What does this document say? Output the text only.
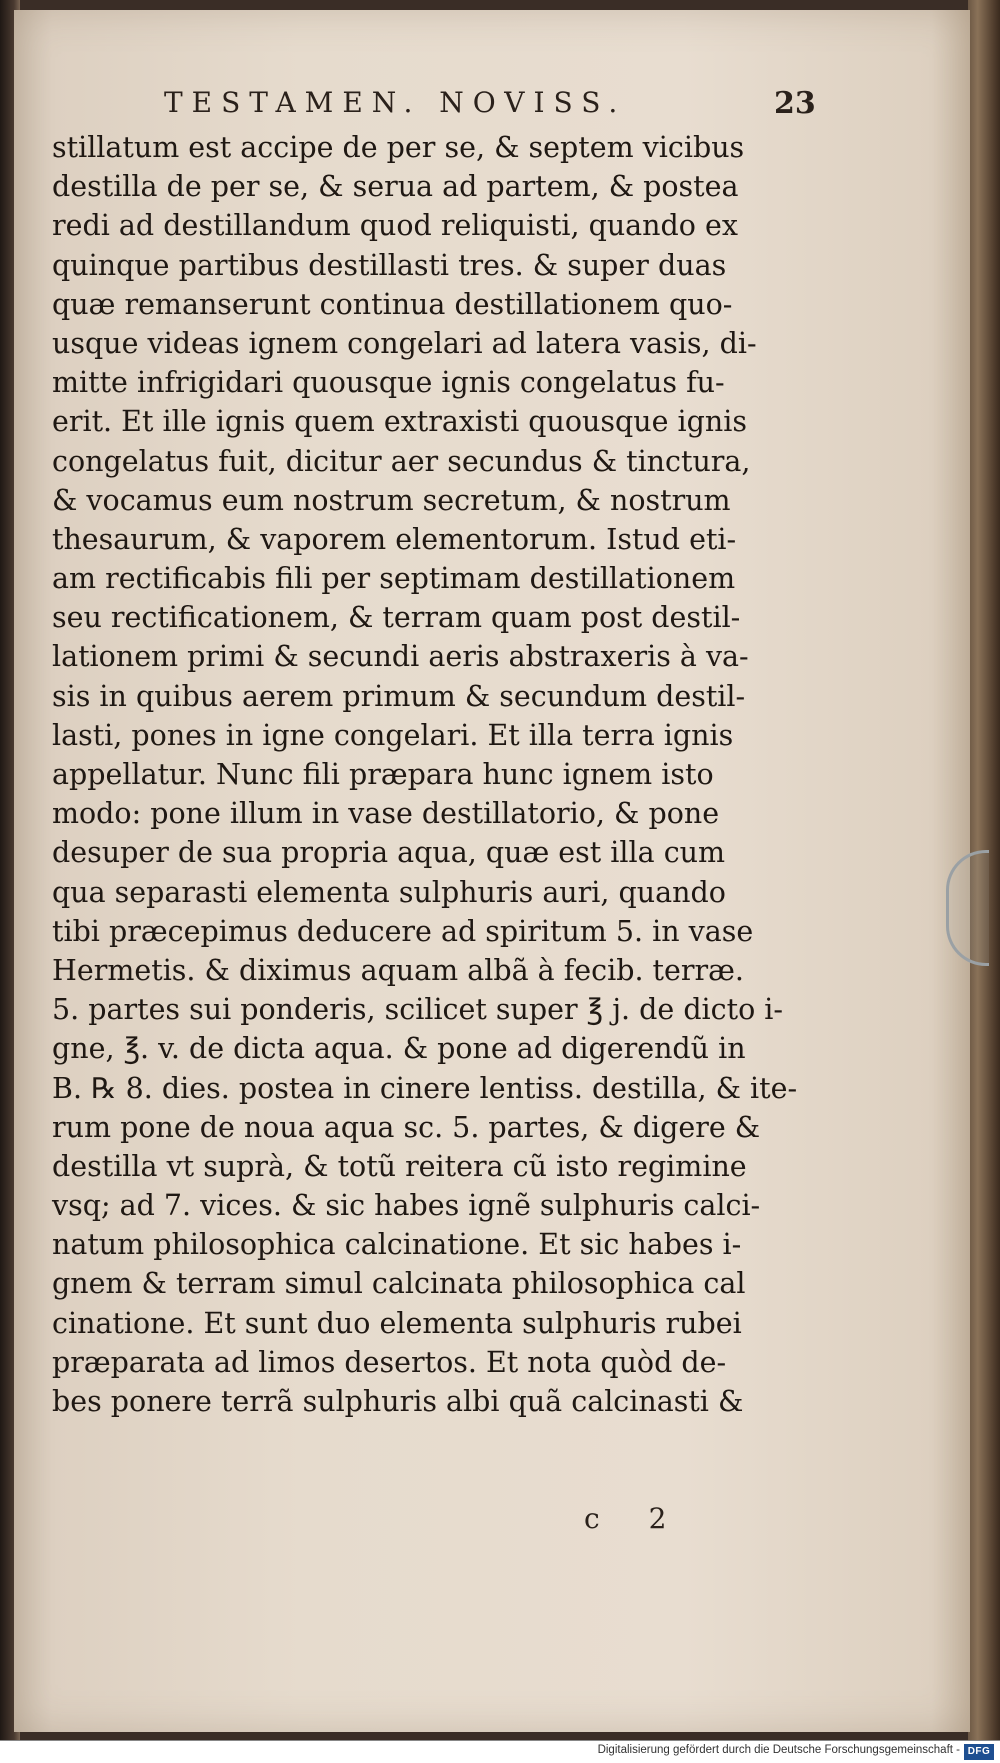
TESTAMEN. NOVISS.	23
stillatum est accipe de per se, & septem vicibus
destilla de per se, & serua ad partem, & postea
redi ad destillandum quod reliquisti, quando ex
quinque partibus destillasti tres. & super duas
quæ remanserunt continua destillationem quo-
usque videas ignem congelari ad latera vasis, di-
mitte infrigidari quousque ignis congelatus fu-
erit. Et ille ignis quem extraxisti quousque ignis
congelatus fuit, dicitur aer secundus & tinctura,
& vocamus eum nostrum secretum, & nostrum
thesaurum, & vaporem elementorum. Istud eti-
am rectificabis fili per septimam destillationem
seu rectificationem, & terram quam post destil-
lationem primi & secundi aeris abstraxeris à va-
sis in quibus aerem primum & secundum destil-
lasti, pones in igne congelari. Et illa terra ignis
appellatur. Nunc fili præpara hunc ignem isto
modo: pone illum in vase destillatorio, & pone
desuper de sua propria aqua, quæ est illa cum
qua separasti elementa sulphuris auri, quando
tibi præcepimus deducere ad spiritum 5. in vase
Hermetis. & diximus aquam albã à fecib. terræ.
5. partes sui ponderis, scilicet super ℥ j. de dicto i-
gne, ℥. v. de dicta aqua. & pone ad digerendũ in
B. ℞ 8. dies. postea in cinere lentiss. destilla, & ite-
rum pone de noua aqua sc. 5. partes, & digere &
destilla vt suprà, & totũ reitera cũ isto regimine
vsq; ad 7. vices. & sic habes ignẽ sulphuris calci-
natum philosophica calcinatione. Et sic habes i-
gnem & terram simul calcinata philosophica cal
cinatione. Et sunt duo elementa sulphuris rubei
præparata ad limos desertos. Et nota quòd de-
bes ponere terrã sulphuris albi quã calcinasti &
c 2
Digitalisierung gefördert durch die Deutsche Forschungsgemeinschaft - DFG
